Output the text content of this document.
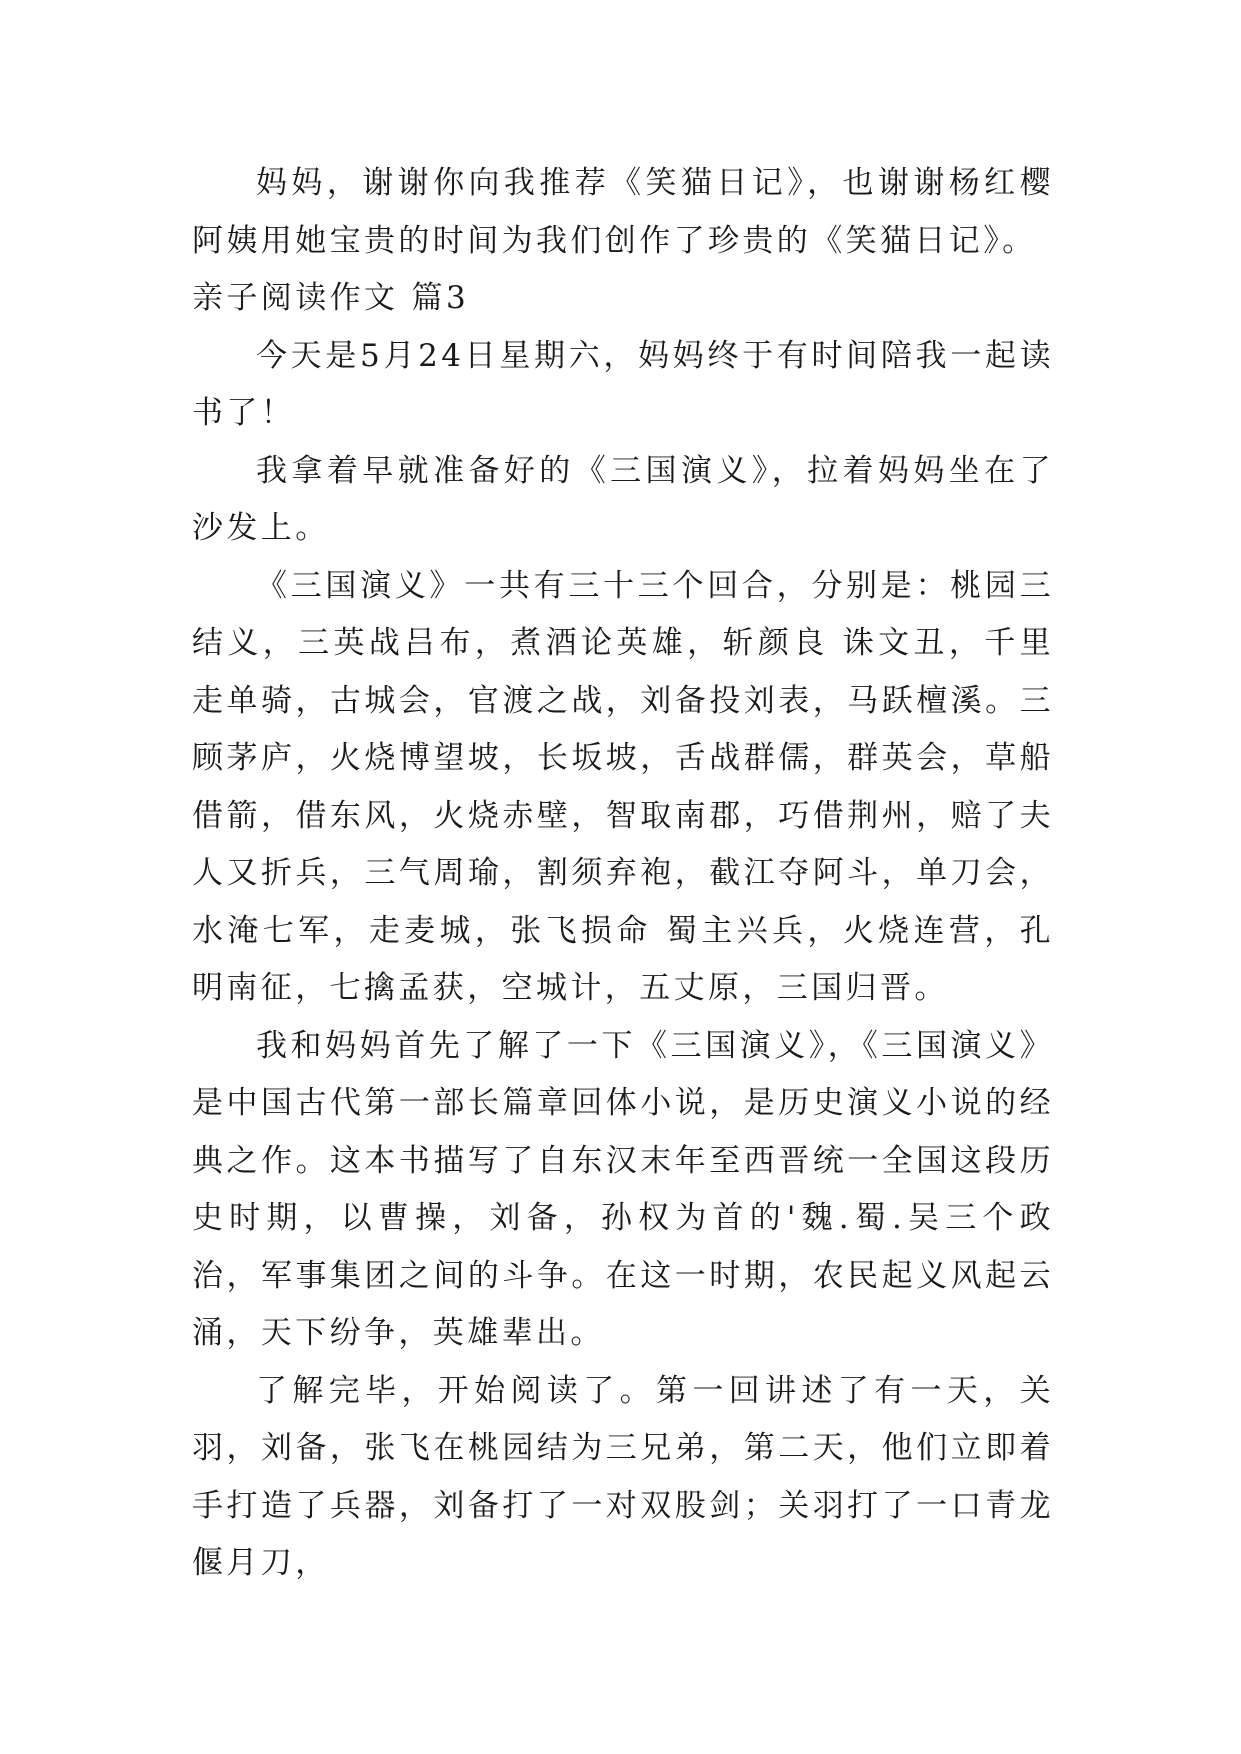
妈妈，谢谢你向我推荐《笑猫日记》，也谢谢杨红樱阿姨用她宝贵的时间为我们创作了珍贵的《笑猫日记》。

亲子阅读作文 篇3

今天是5月24日星期六，妈妈终于有时间陪我一起读书了！

我拿着早就准备好的《三国演义》，拉着妈妈坐在了沙发上。

《三国演义》一共有三十三个回合，分别是：桃园三结义，三英战吕布，煮酒论英雄，斩颜良 诛文丑，千里走单骑，古城会，官渡之战，刘备投刘表，马跃檀溪。三顾茅庐，火烧博望坡，长坂坡，舌战群儒，群英会，草船借箭，借东风，火烧赤壁，智取南郡，巧借荆州，赔了夫人又折兵，三气周瑜，割须弃袍，截江夺阿斗，单刀会，水淹七军，走麦城，张飞损命 蜀主兴兵，火烧连营，孔明南征，七擒孟获，空城计，五丈原，三国归晋。

我和妈妈首先了解了一下《三国演义》，《三国演义》是中国古代第一部长篇章回体小说，是历史演义小说的经典之作。这本书描写了自东汉末年至西晋统一全国这段历史时期，以曹操，刘备，孙权为首的'魏.蜀.吴三个政治，军事集团之间的斗争。在这一时期，农民起义风起云涌，天下纷争，英雄辈出。

了解完毕，开始阅读了。第一回讲述了有一天，关羽，刘备，张飞在桃园结为三兄弟，第二天，他们立即着手打造了兵器，刘备打了一对双股剑；关羽打了一口青龙偃月刀，
